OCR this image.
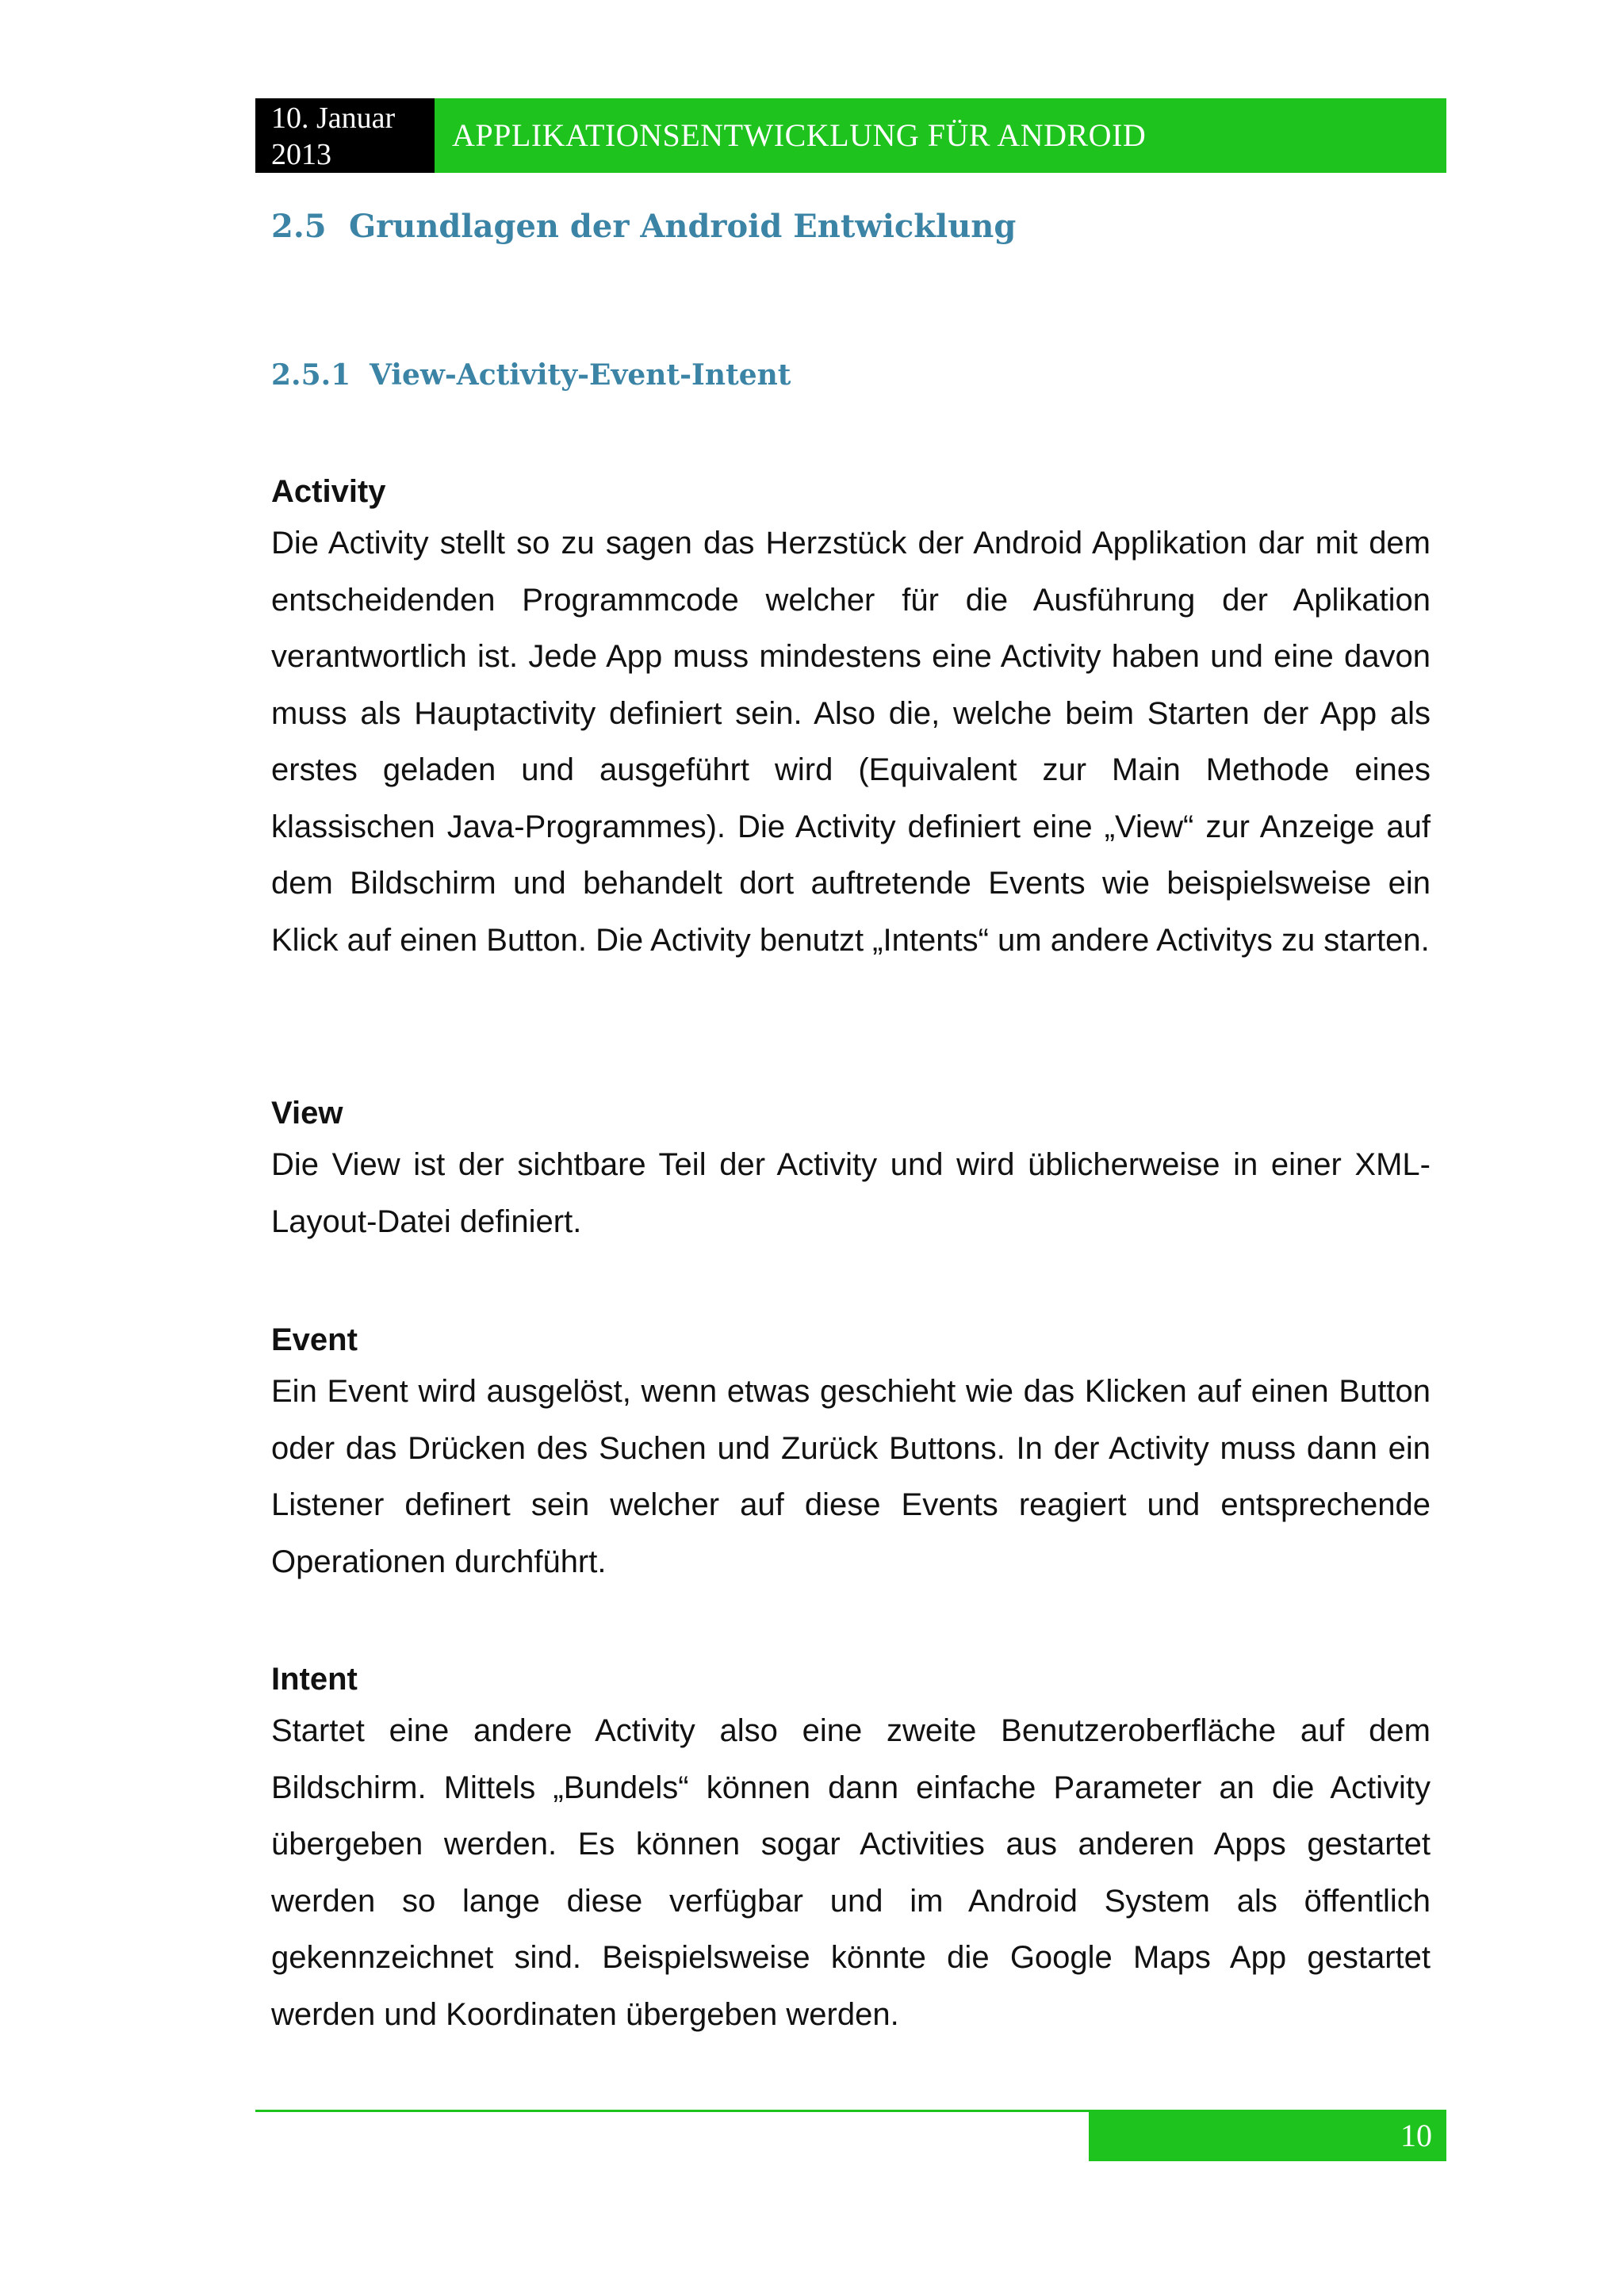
10. Januar
2013
APPLIKATIONSENTWICKLUNG FÜR ANDROID
2.5 Grundlagen der Android Entwicklung
2.5.1 View-Activity-Event-Intent

Activity

Die Activity stellt so zu sagen das Herzstück der Android Applikation dar mit dem entscheidenden Programmcode welcher für die Ausführung der Aplikation verantwortlich ist. Jede App muss mindestens eine Activity haben und eine davon muss als Hauptactivity definiert sein. Also die, welche beim Starten der App als erstes geladen und ausgeführt wird (Equivalent zur Main Methode eines klassischen Java-Programmes). Die Activity definiert eine „View“ zur Anzeige auf dem Bildschirm und behandelt dort auftretende Events wie beispielsweise ein Klick auf einen Button. Die Activity benutzt „Intents“ um andere Activitys zu starten.

View

Die View ist der sichtbare Teil der Activity und wird üblicherweise in einer XML-Layout-Datei definiert.

Event

Ein Event wird ausgelöst, wenn etwas geschieht wie das Klicken auf einen Button oder das Drücken des Suchen und Zurück Buttons. In der Activity muss dann ein Listener definert sein welcher auf diese Events reagiert und entsprechende Operationen durchführt.

Intent

Startet eine andere Activity also eine zweite Benutzeroberfläche auf dem Bildschirm. Mittels „Bundels“ können dann einfache Parameter an die Activity übergeben werden. Es können sogar Activities aus anderen Apps gestartet werden so lange diese verfügbar und im Android System als öffentlich gekennzeichnet sind. Beispielsweise könnte die Google Maps App gestartet werden und Koordinaten übergeben werden.

10
